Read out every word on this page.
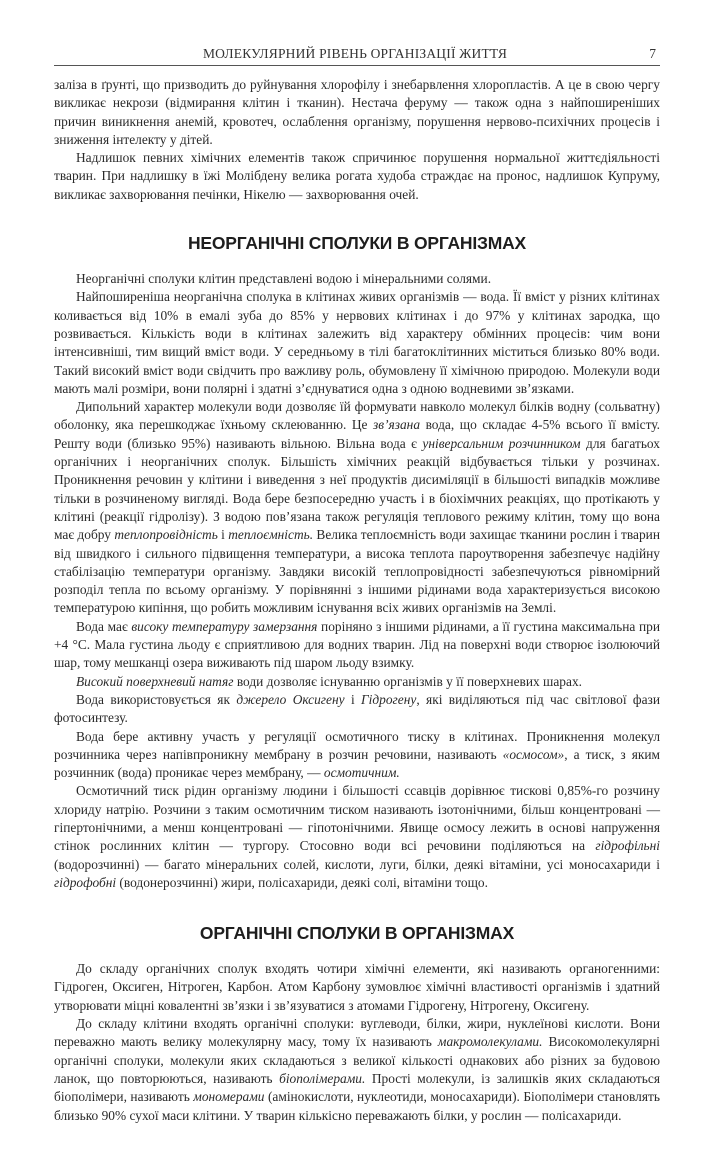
МОЛЕКУЛЯРНИЙ РІВЕНЬ ОРГАНІЗАЦІЇ ЖИТТЯ	7

заліза в ґрунті, що призводить до руйнування хлорофілу і знебарвлення хлоропластів. А це в свою чергу викликає некрози (відмирання клітин і тканин). Нестача феруму — також одна з найпоширеніших причин виникнення анемій, кровотеч, ослаблення організму, порушення нервово-психічних процесів і зниження інтелекту у дітей.

Надлишок певних хімічних елементів також спричинює порушення нормальної життєдіяльності тварин. При надлишку в їжі Молібдену велика рогата худоба страждає на пронос, надлишок Купруму, викликає захворювання печінки, Нікелю — захворювання очей.

НЕОРГАНІЧНІ СПОЛУКИ В ОРГАНІЗМАХ

Неорганічні сполуки клітин представлені водою і мінеральними солями.

Найпоширеніша неорганічна сполука в клітинах живих організмів — вода. Її вміст у різних клітинах коливається від 10% в емалі зуба до 85% у нервових клітинах і до 97% у клітинах зародка, що розвивається. Кількість води в клітинах залежить від характеру обмінних процесів: чим вони інтенсивніші, тим вищий вміст води. У середньому в тілі багатоклітинних міститься близько 80% води. Такий високий вміст води свідчить про важливу роль, обумовлену її хімічною природою. Молекули води мають малі розміри, вони полярні і здатні з’єднуватися одна з одною водневими зв’язками.

Дипольний характер молекули води дозволяє їй формувати навколо молекул білків водну (сольватну) оболонку, яка перешкоджає їхньому склеюванню. Це зв’язана вода, що складає 4-5% всього її вмісту. Решту води (близько 95%) називають вільною. Вільна вода є універсальним розчинником для багатьох органічних і неорганічних сполук. Більшість хімічних реакцій відбувається тільки у розчинах. Проникнення речовин у клітини і виведення з неї продуктів дисиміляції в більшості випадків можливе тільки в розчиненому вигляді. Вода бере безпосередню участь і в біохімчних реакціях, що протікають у клітині (реакції гідролізу). З водою пов’язана також регуляція теплового режиму клітин, тому що вона має добру теплопровідність і теплоємність. Велика теплоємність води захищає тканини рослин і тварин від швидкого і сильного підвищення температури, а висока теплота пароутворення забезпечує надійну стабілізацію температури організму. Завдяки високій теплопровідності забезпечуються рівномірний розподіл тепла по всьому організму. У порівнянні з іншими рідинами вода характеризується високою температурою кипіння, що робить можливим існування всіх живих організмів на Землі.

Вода має високу температуру замерзання порiняно з іншими рідинами, а її густина максимальна при +4 °С. Мала густина льоду є сприятливою для водних тварин. Лід на поверхні води створює ізолюючий шар, тому мешканці озера виживають під шаром льоду взимку.

Високий поверхневий натяг води дозволяє існуванню організмів у її поверхневих шарах.

Вода використовується як джерело Оксигену і Гідрогену, які виділяються під час світлової фази фотосинтезу.

Вода бере активну участь у регуляції осмотичного тиску в клітинах. Проникнення молекул розчинника через напівпроникну мембрану в розчин речовини, називають «осмосом», а тиск, з яким розчинник (вода) проникає через мембрану, — осмотичним.

Осмотичний тиск рідин організму людини і більшості ссавців дорівнює тискові 0,85%-го розчину хлориду натрію. Розчини з таким осмотичним тиском називають ізотонічними, більш концентровані — гіпертонічними, а менш концентровані — гіпотонічними. Явище осмосу лежить в основі напруження стінок рослинних клітин — тургору. Стосовно води всі речовини поділяються на гідрофільні (водорозчинні) — багато мінеральних солей, кислоти, луги, білки, деякі вітаміни, усі моносахариди і гідрофобні (водонерозчинні) жири, полісахариди, деякі солі, вітаміни тощо.

ОРГАНІЧНІ СПОЛУКИ В ОРГАНІЗМАХ

До складу органічних сполук входять чотири хімічні елементи, які називають органогенними: Гідроген, Оксиген, Нітроген, Карбон. Атом Карбону зумовлює хімічні властивості організмів і здатний утворювати міцні ковалентні зв’язки і зв’язуватися з атомами Гідрогену, Нітрогену, Оксигену.

До складу клітини входять органічні сполуки: вуглеводи, білки, жири, нуклеїнові кислоти. Вони переважно мають велику молекулярну масу, тому їх називають макромолекулами. Високомолекулярні органічні сполуки, молекули яких складаються з великої кількості однакових або різних за будовою ланок, що повторюються, називають біополімерами. Прості молекули, із залишків яких складаються біополімери, називають мономерами (амінокислоти, нуклеотиди, моносахариди). Біополімери становлять близько 90% сухої маси клітини. У тварин кількісно переважають білки, у рослин — полісахариди.
